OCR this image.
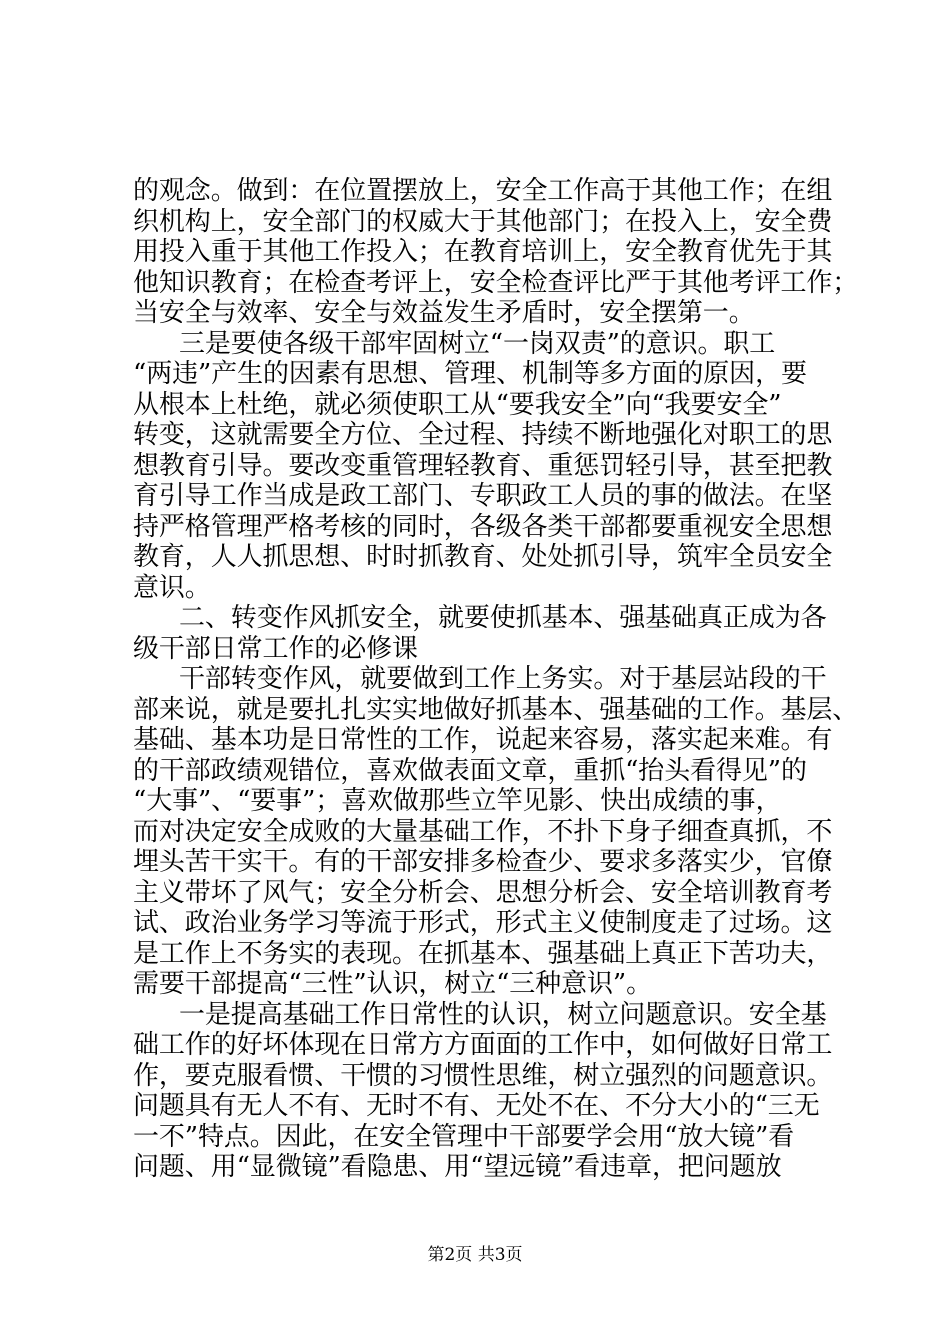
的观念。做到：在位置摆放上，安全工作高于其他工作；在组
织机构上，安全部门的权威大于其他部门；在投入上，安全费
用投入重于其他工作投入；在教育培训上，安全教育优先于其
他知识教育；在检查考评上，安全检查评比严于其他考评工作；
当安全与效率、安全与效益发生矛盾时，安全摆第一。
三是要使各级干部牢固树立“一岗双责”的意识。职工
“两违”产生的因素有思想、管理、机制等多方面的原因，要
从根本上杜绝，就必须使职工从“要我安全”向“我要安全”
转变，这就需要全方位、全过程、持续不断地强化对职工的思
想教育引导。要改变重管理轻教育、重惩罚轻引导，甚至把教
育引导工作当成是政工部门、专职政工人员的事的做法。在坚
持严格管理严格考核的同时，各级各类干部都要重视安全思想
教育，人人抓思想、时时抓教育、处处抓引导，筑牢全员安全
意识。
二、转变作风抓安全，就要使抓基本、强基础真正成为各
级干部日常工作的必修课
干部转变作风，就要做到工作上务实。对于基层站段的干
部来说，就是要扎扎实实地做好抓基本、强基础的工作。基层、
基础、基本功是日常性的工作，说起来容易，落实起来难。有
的干部政绩观错位，喜欢做表面文章，重抓“抬头看得见”的
“大事”、“要事”；喜欢做那些立竿见影、快出成绩的事，
而对决定安全成败的大量基础工作，不扑下身子细查真抓，不
埋头苦干实干。有的干部安排多检查少、要求多落实少，官僚
主义带坏了风气；安全分析会、思想分析会、安全培训教育考
试、政治业务学习等流于形式，形式主义使制度走了过场。这
是工作上不务实的表现。在抓基本、强基础上真正下苦功夫，
需要干部提高“三性”认识，树立“三种意识”。
一是提高基础工作日常性的认识，树立问题意识。安全基
础工作的好坏体现在日常方方面面的工作中，如何做好日常工
作，要克服看惯、干惯的习惯性思维，树立强烈的问题意识。
问题具有无人不有、无时不有、无处不在、不分大小的“三无
一不”特点。因此，在安全管理中干部要学会用“放大镜”看
问题、用“显微镜”看隐患、用“望远镜”看违章，把问题放
第2页 共3页
